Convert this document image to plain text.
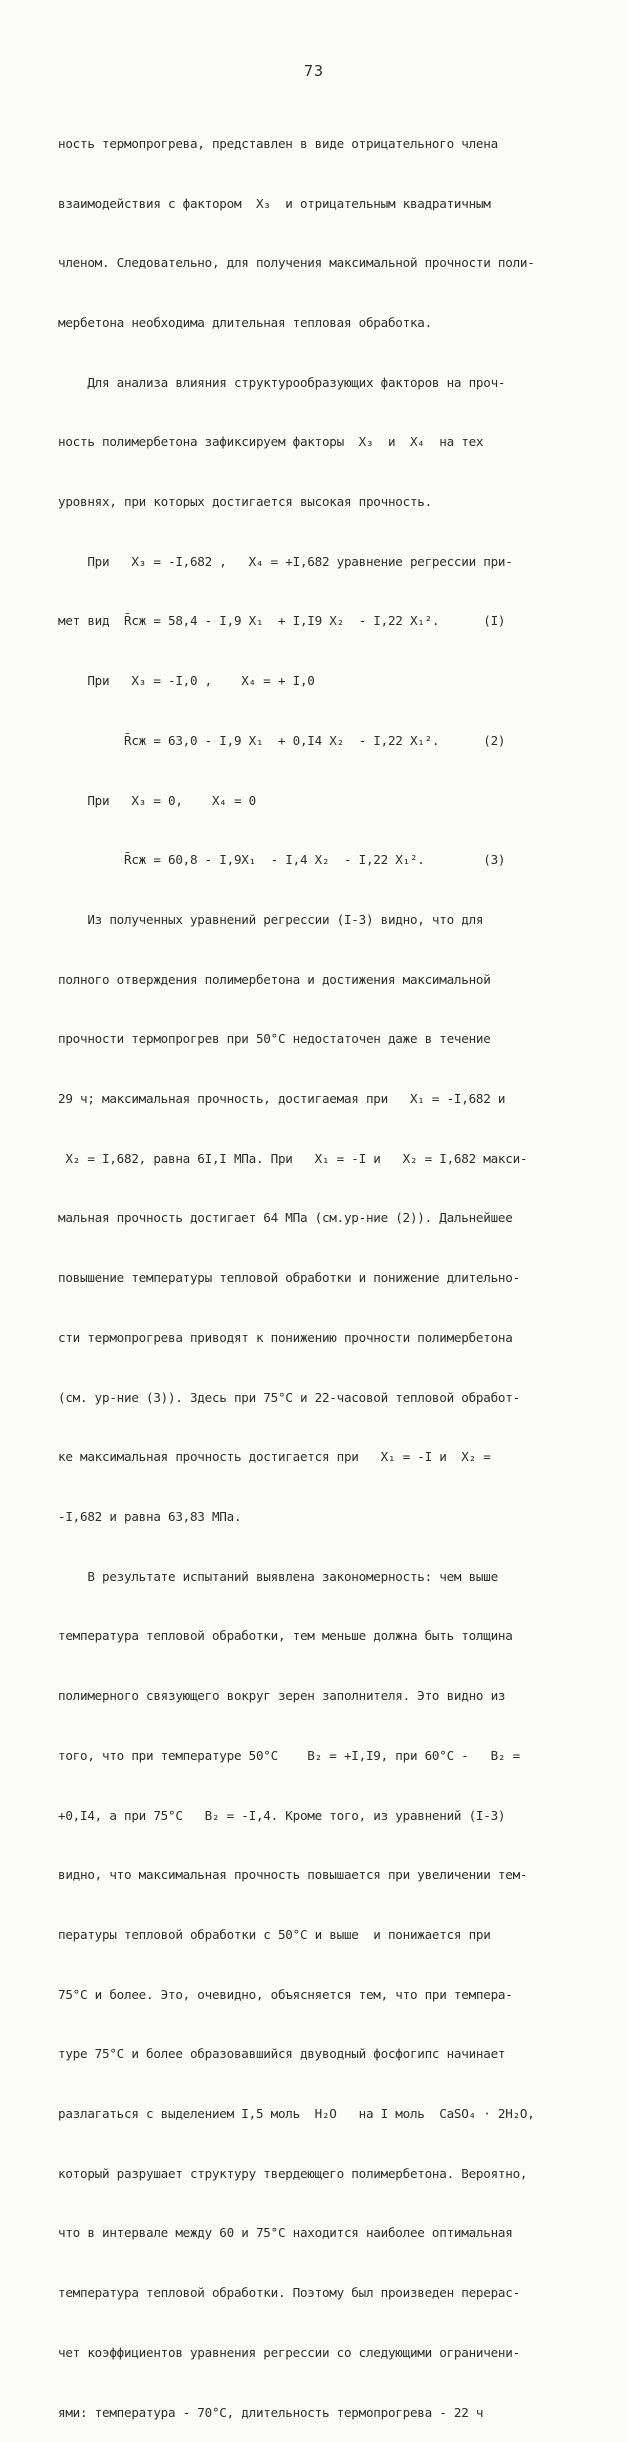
73

ность термопрогрева, представлен в виде отрицательного члена

взаимодействия с фактором  X₃  и отрицательным квадратичным

членом. Следовательно, для получения максимальной прочности поли-

мербетона необходима длительная тепловая обработка.

Для анализа влияния структурообразующих факторов на проч-

ность полимербетона зафиксируем факторы  X₃  и  X₄  на тех

уровнях, при которых достигается высокая прочность.

При   X₃ = -I,682 ,   X₄ = +I,682 уравнение регрессии при-

мет вид  R̄сж = 58,4 - I,9 X₁  + I,I9 X₂  - I,22 X₁².      (I)

При   X₃ = -I,0 ,    X₄ = + I,0

R̄сж = 63,0 - I,9 X₁  + 0,I4 X₂  - I,22 X₁².      (2)

При   X₃ = 0,    X₄ = 0

R̄сж = 60,8 - I,9X₁  - I,4 X₂  - I,22 X₁².        (3)

Из полученных уравнений регрессии (I-3) видно, что для

полного отверждения полимербетона и достижения максимальной

прочности термопрогрев при 50°C недостаточен даже в течение

29 ч; максимальная прочность, достигаемая при   X₁ = -I,682 и

X₂ = I,682, равна 6I,I МПа. При   X₁ = -I и   X₂ = I,682 макси-

мальная прочность достигает 64 МПа (см.ур-ние (2)). Дальнейшее

повышение температуры тепловой обработки и понижение длительно-

сти термопрогрева приводят к понижению прочности полимербетона

(см. ур-ние (3)). Здесь при 75°C и 22-часовой тепловой обработ-

ке максимальная прочность достигается при   X₁ = -I и  X₂ =

-I,682 и равна 63,83 МПа.

В результате испытаний выявлена закономерность: чем выше

температура тепловой обработки, тем меньше должна быть толщина

полимерного связующего вокруг зерен заполнителя. Это видно из

того, что при температуре 50°C    B₂ = +I,I9, при 60°C -   B₂ =

+0,I4, а при 75°C   B₂ = -I,4. Кроме того, из уравнений (I-3)

видно, что максимальная прочность повышается при увеличении тем-

пературы тепловой обработки с 50°C и выше  и понижается при

75°C и более. Это, очевидно, объясняется тем, что при темпера-

туре 75°C и более образовавшийся двуводный фосфогипс начинает

разлагаться с выделением I,5 моль  H₂O   на I моль  CaSO₄ · 2H₂O,

который разрушает структуру твердеющего полимербетона. Вероятно,

что в интервале между 60 и 75°C находится наиболее оптимальная

температура тепловой обработки. Поэтому был произведен перерас-

чет коэффициентов уравнения регрессии со следующими ограничени-

ями: температура - 70°C, длительность термопрогрева - 22 ч
